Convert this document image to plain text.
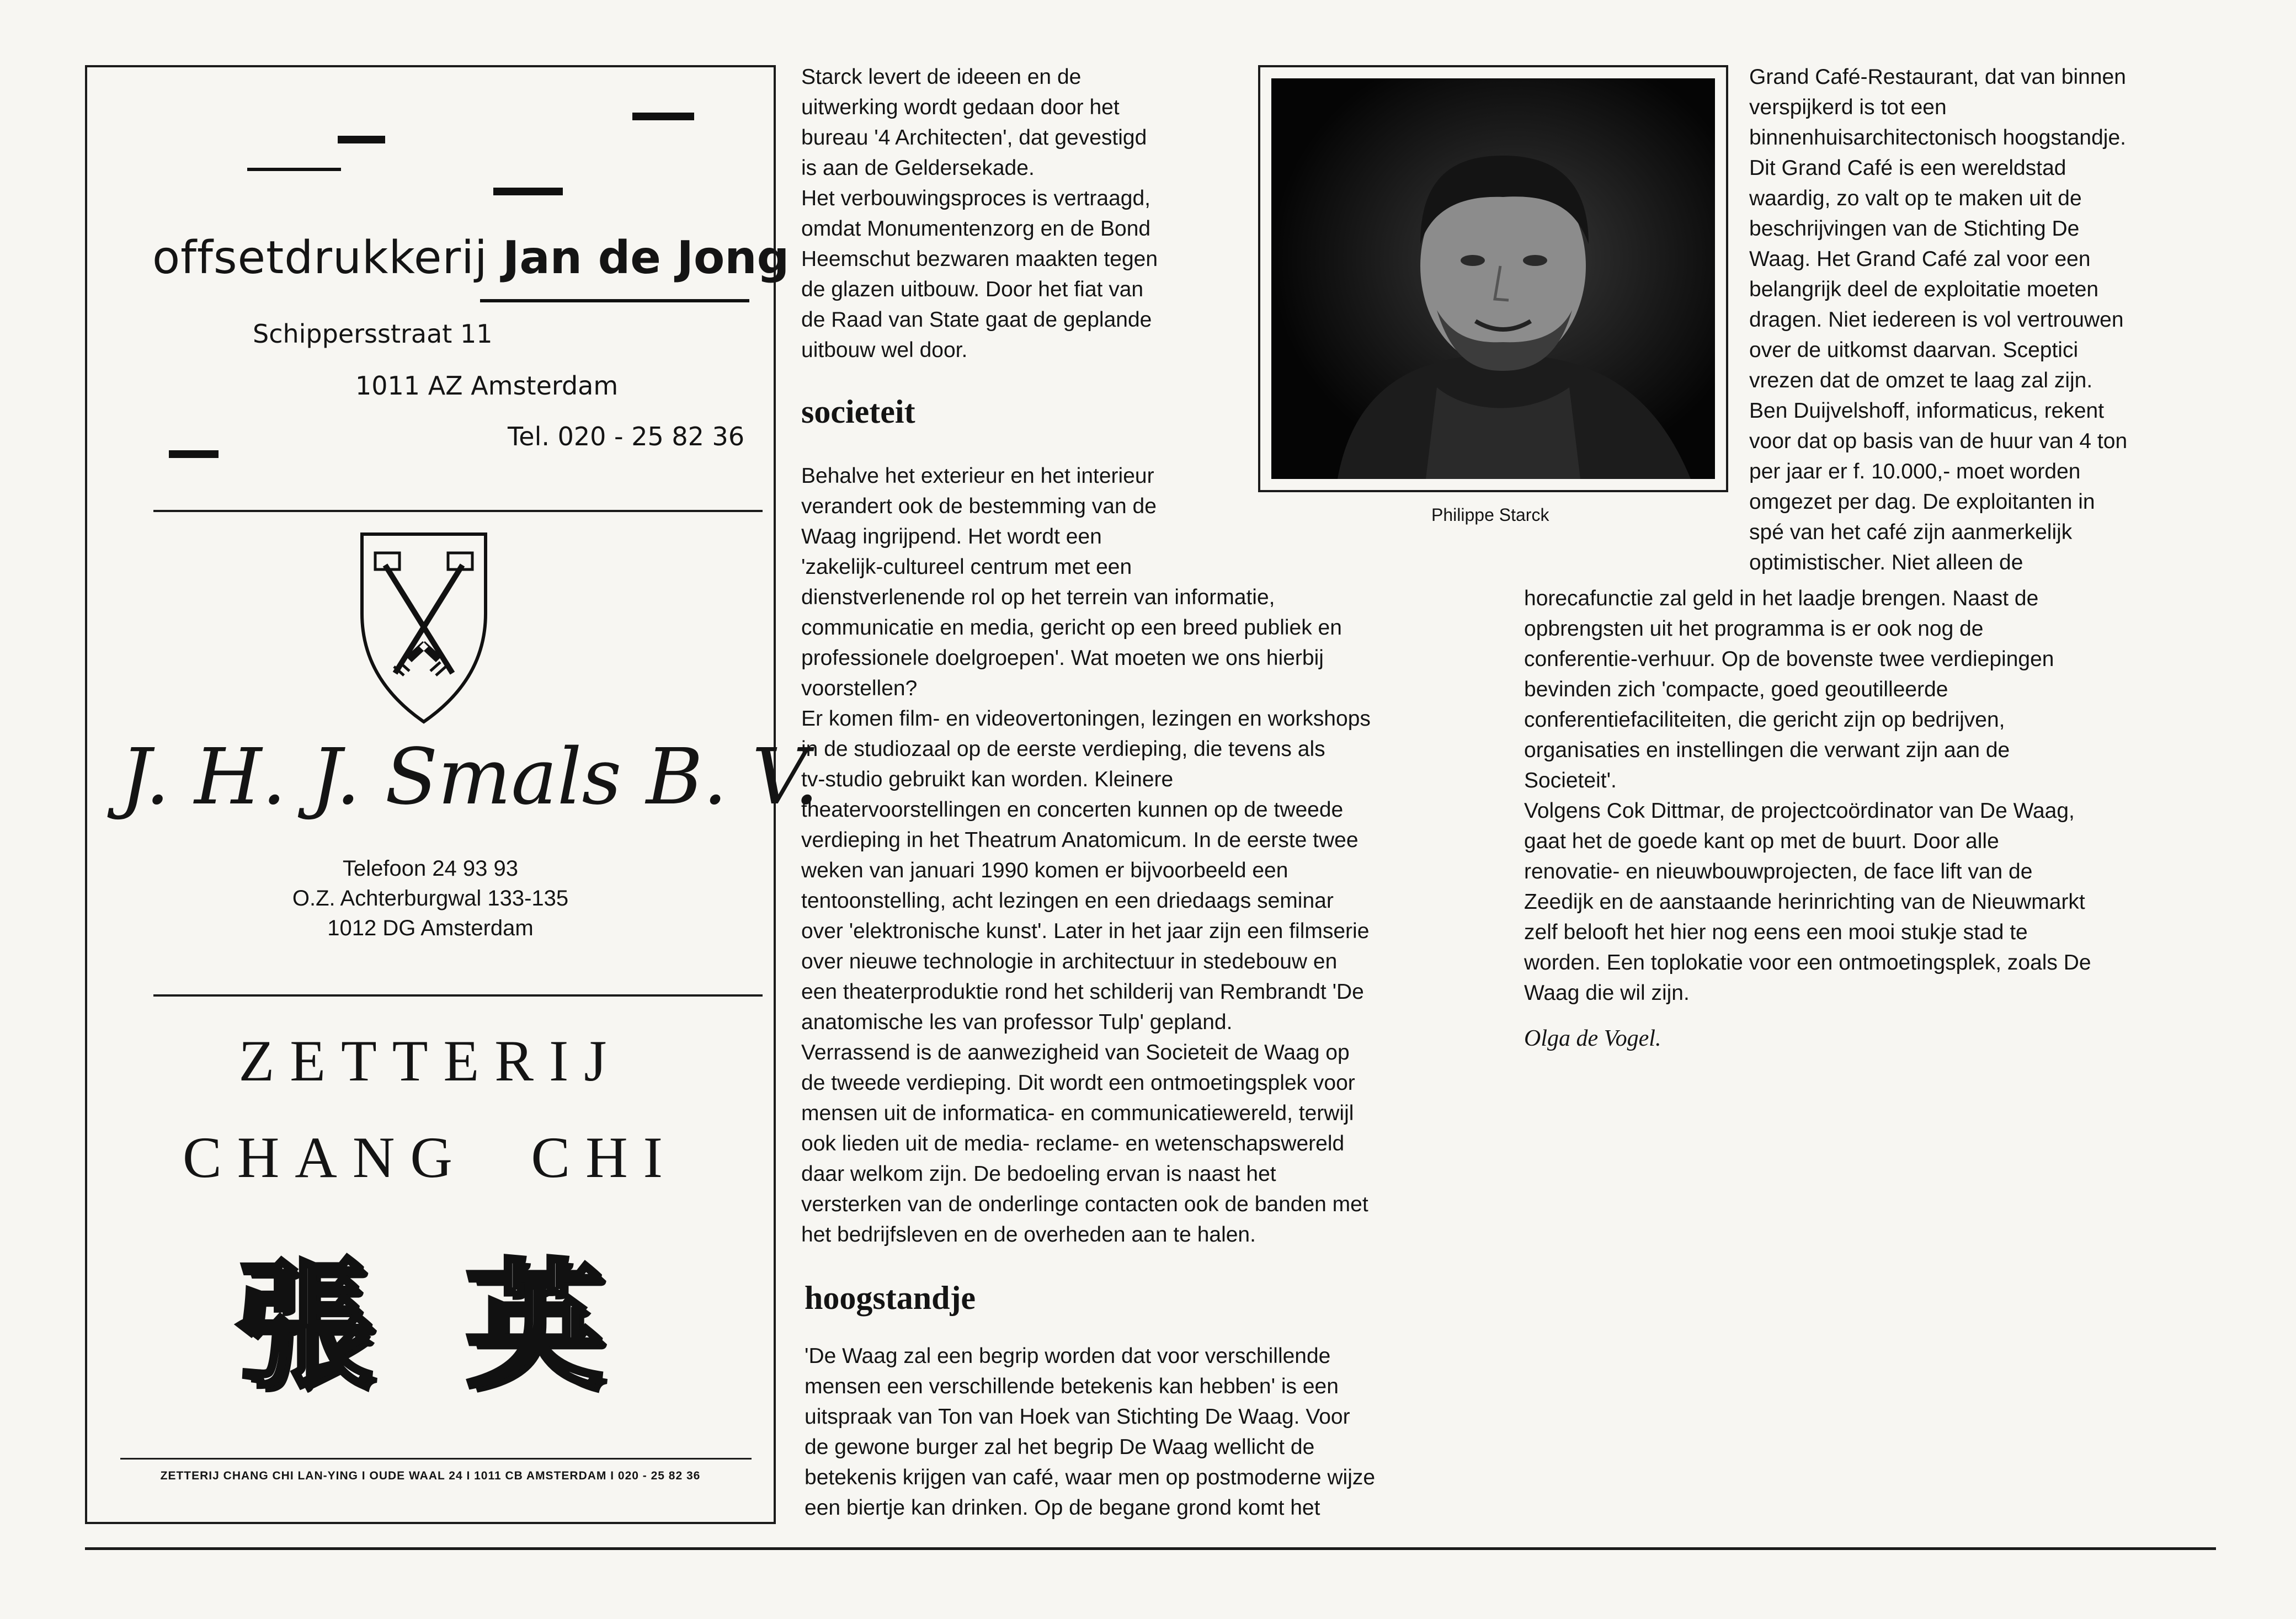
offsetdrukkerij Jan de Jong
Schippersstraat 11
1011 AZ Amsterdam
Tel. 020 - 25 82 36
J. H. J. Smals B. V.
Telefoon 24 93 93
O.Z. Achterburgwal 133-135
1012 DG Amsterdam
ZETTERIJ
CHANG CHI
張 英
ZETTERIJ CHANG CHI LAN-YING I OUDE WAAL 24 I 1011 CB AMSTERDAM I 020 - 25 82 36

Starck levert de ideeen en de

uitwerking wordt gedaan door het

bureau '4 Architecten', dat gevestigd

is aan de Geldersekade.

Het verbouwingsproces is vertraagd,

omdat Monumentenzorg en de Bond

Heemschut bezwaren maakten tegen

de glazen uitbouw. Door het fiat van

de Raad van State gaat de geplande

uitbouw wel door.

societeit

Behalve het exterieur en het interieur

verandert ook de bestemming van de

Waag ingrijpend. Het wordt een

'zakelijk-cultureel centrum met een

dienstverlenende rol op het terrein van informatie,

communicatie en media, gericht op een breed publiek en

professionele doelgroepen'. Wat moeten we ons hierbij

voorstellen?

Er komen film- en videovertoningen, lezingen en workshops

in de studiozaal op de eerste verdieping, die tevens als

tv-studio gebruikt kan worden. Kleinere

theatervoorstellingen en concerten kunnen op de tweede

verdieping in het Theatrum Anatomicum. In de eerste twee

weken van januari 1990 komen er bijvoorbeeld een

tentoonstelling, acht lezingen en een driedaags seminar

over 'elektronische kunst'. Later in het jaar zijn een filmserie

over nieuwe technologie in architectuur in stedebouw en

een theaterproduktie rond het schilderij van Rembrandt 'De

anatomische les van professor Tulp' gepland.

Verrassend is de aanwezigheid van Societeit de Waag op

de tweede verdieping. Dit wordt een ontmoetingsplek voor

mensen uit de informatica- en communicatiewereld, terwijl

ook lieden uit de media- reclame- en wetenschapswereld

daar welkom zijn. De bedoeling ervan is naast het

versterken van de onderlinge contacten ook de banden met

het bedrijfsleven en de overheden aan te halen.

hoogstandje

'De Waag zal een begrip worden dat voor verschillende

mensen een verschillende betekenis kan hebben' is een

uitspraak van Ton van Hoek van Stichting De Waag. Voor

de gewone burger zal het begrip De Waag wellicht de

betekenis krijgen van café, waar men op postmoderne wijze

een biertje kan drinken. Op de begane grond komt het

Philippe Starck

Grand Café-Restaurant, dat van binnen

verspijkerd is tot een

binnenhuisarchitectonisch hoogstandje.

Dit Grand Café is een wereldstad

waardig, zo valt op te maken uit de

beschrijvingen van de Stichting De

Waag. Het Grand Café zal voor een

belangrijk deel de exploitatie moeten

dragen. Niet iedereen is vol vertrouwen

over de uitkomst daarvan. Sceptici

vrezen dat de omzet te laag zal zijn.

Ben Duijvelshoff, informaticus, rekent

voor dat op basis van de huur van 4 ton

per jaar er f. 10.000,- moet worden

omgezet per dag. De exploitanten in

spé van het café zijn aanmerkelijk

optimistischer. Niet alleen de

horecafunctie zal geld in het laadje brengen. Naast de

opbrengsten uit het programma is er ook nog de

conferentie-verhuur. Op de bovenste twee verdiepingen

bevinden zich 'compacte, goed geoutilleerde

conferentiefaciliteiten, die gericht zijn op bedrijven,

organisaties en instellingen die verwant zijn aan de

Societeit'.

Volgens Cok Dittmar, de projectcoördinator van De Waag,

gaat het de goede kant op met de buurt. Door alle

renovatie- en nieuwbouwprojecten, de face lift van de

Zeedijk en de aanstaande herinrichting van de Nieuwmarkt

zelf belooft het hier nog eens een mooi stukje stad te

worden. Een toplokatie voor een ontmoetingsplek, zoals De

Waag die wil zijn.

Olga de Vogel.
